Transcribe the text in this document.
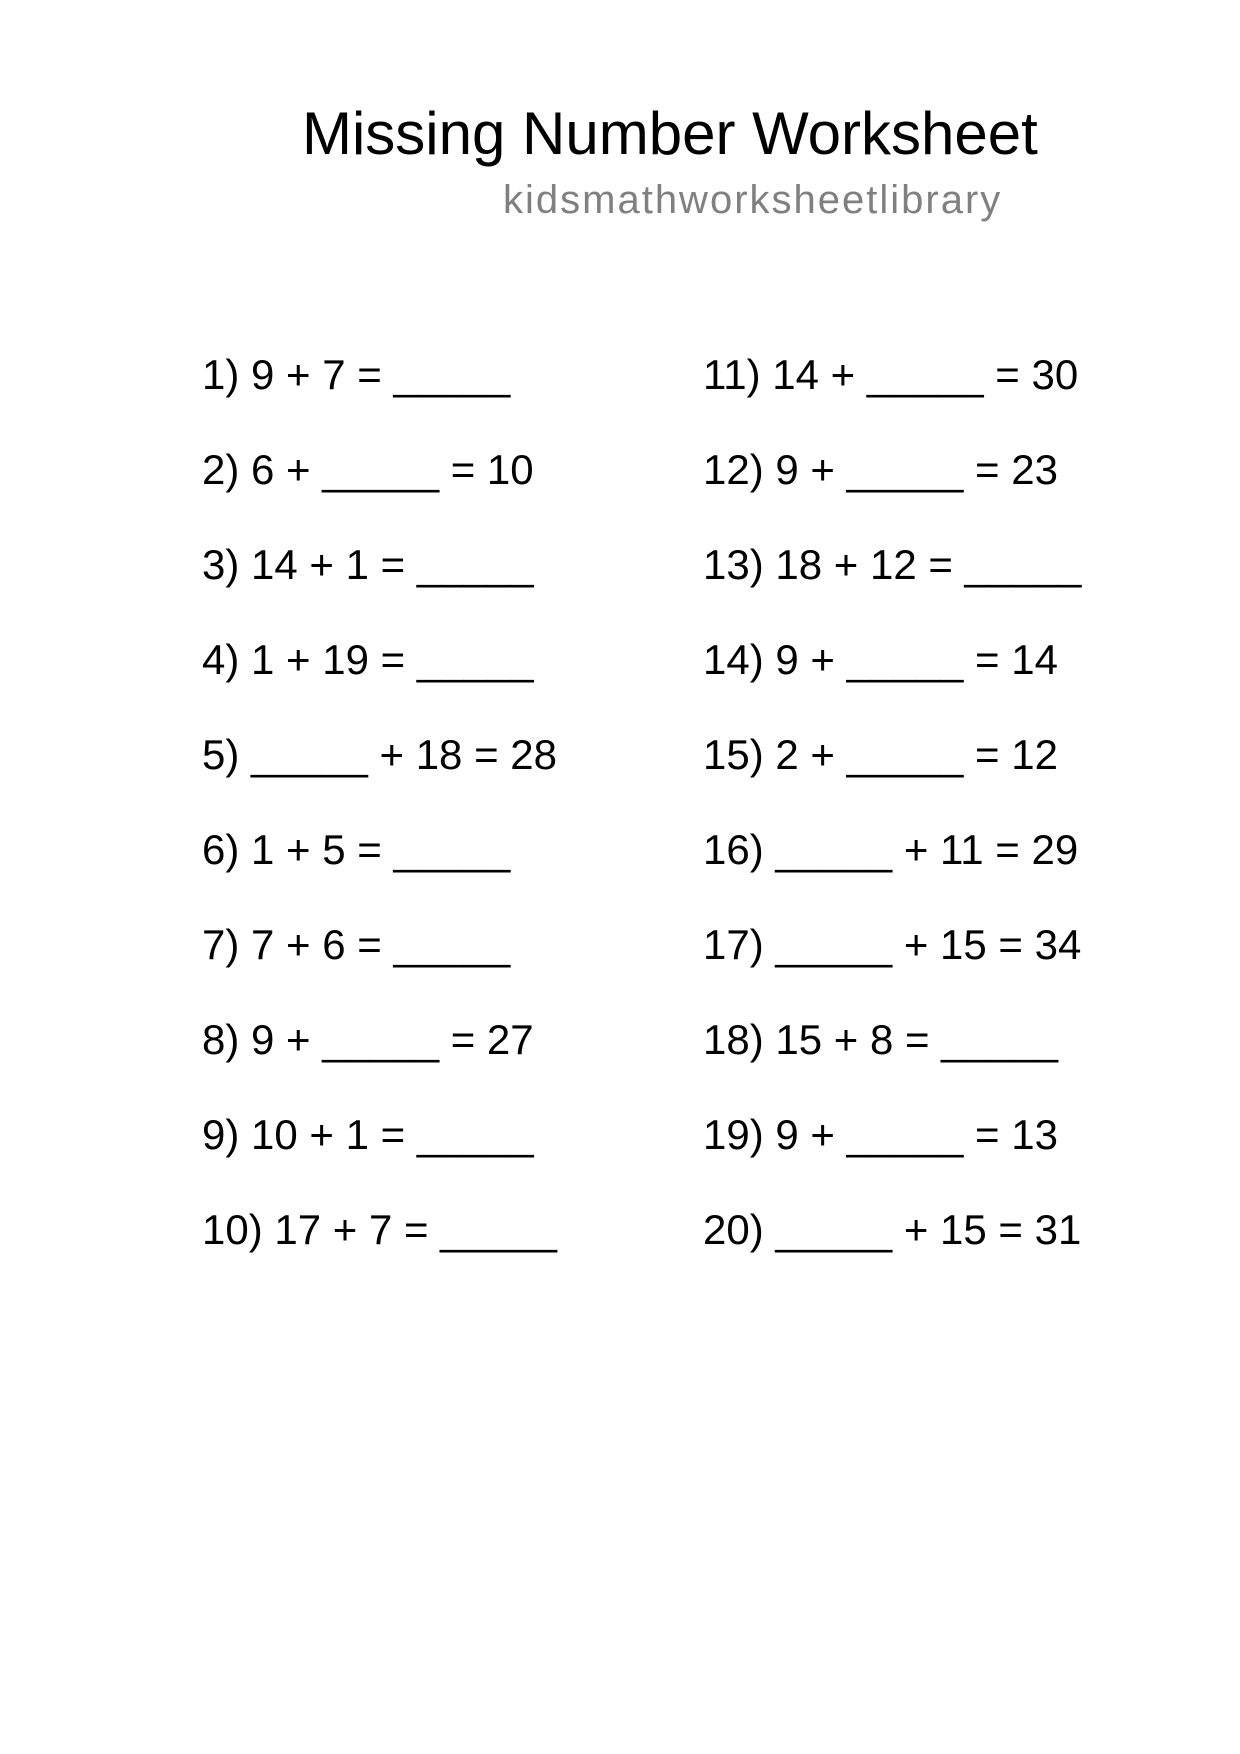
Missing Number Worksheet
kidsmathworksheetlibrary
1) 9 + 7 = _____
2) 6 + _____ = 10
3) 14 + 1 = _____
4) 1 + 19 = _____
5) _____ + 18 = 28
6) 1 + 5 = _____
7) 7 + 6 = _____
8) 9 + _____ = 27
9) 10 + 1 = _____
10) 17 + 7 = _____
11) 14 + _____ = 30
12) 9 + _____ = 23
13) 18 + 12 = _____
14) 9 + _____ = 14
15) 2 + _____ = 12
16) _____ + 11 = 29
17) _____ + 15 = 34
18) 15 + 8 = _____
19) 9 + _____ = 13
20) _____ + 15 = 31
